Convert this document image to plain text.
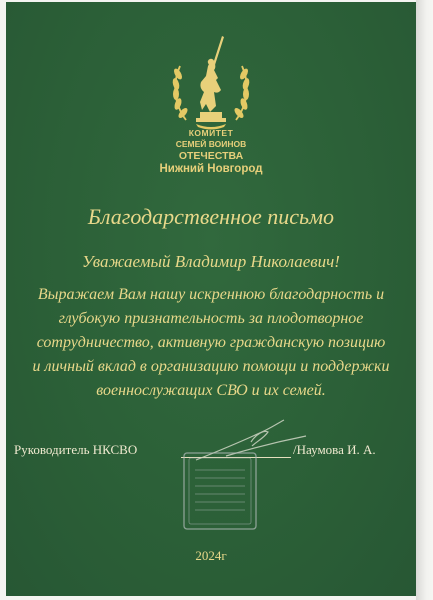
КОМИТЕТ
СЕМЕЙ ВОИНОВ
ОТЕЧЕСТВА
Нижний Новгород
Благодарственное письмо
Уважаемый Владимир Николаевич!
Выражаем Вам нашу искреннюю благодарность и
глубокую признательность за плодотворное
сотрудничество, активную гражданскую позицию
и личный вклад в организацию помощи и поддержки
военнослужащих СВО и их семей.
Руководитель НКСВО	/Наумова И. А.
2024г
